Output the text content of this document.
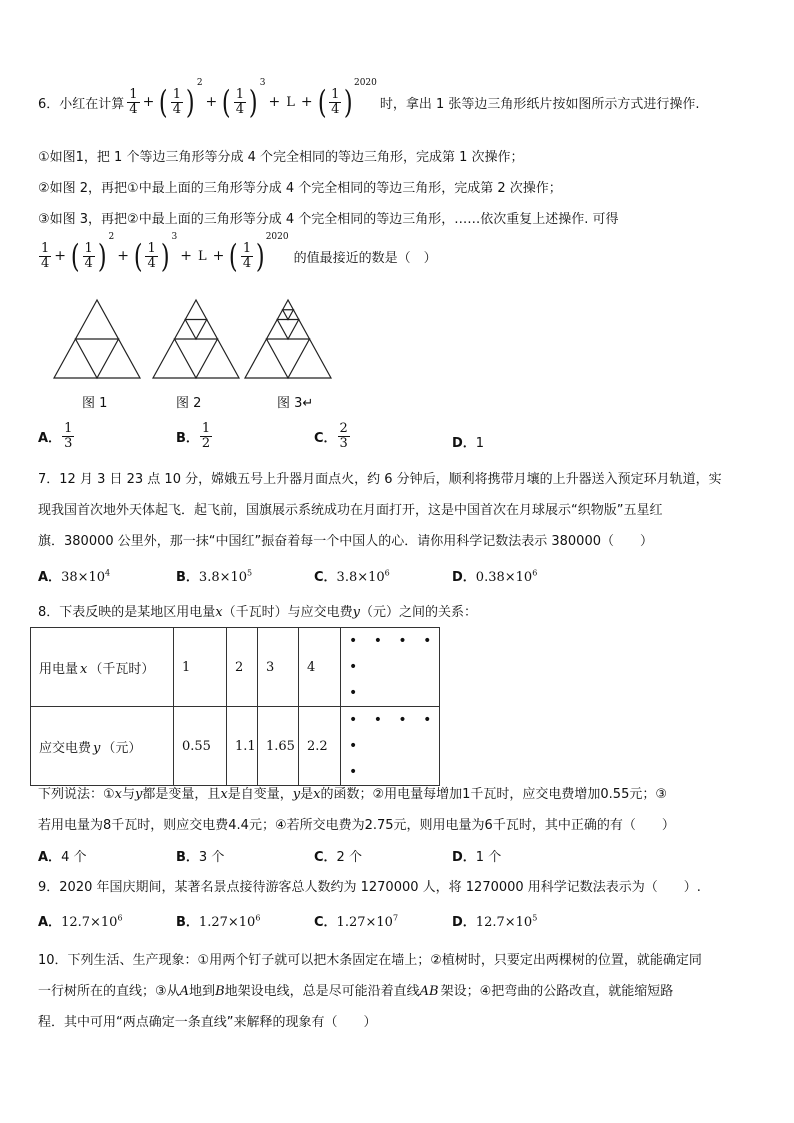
6．小红在计算 $\frac{1}{4}$ + ( $\frac{1}{4} )^2$
+ ( $\frac{1}{4} )^3$
+ L + ( $\frac{1}{4} )^{2020}$
时，拿出 1 张等边三角形纸片按如图所示方式进行操作.
①如图1，把 1 个等边三角形等分成 4 个完全相同的等边三角形，完成第 1 次操作；
②如图 2，再把①中最上面的三角形等分成 4 个完全相同的等边三角形，完成第 2 次操作；
③如图 3，再把②中最上面的三角形等分成 4 个完全相同的等边三角形，……依次重复上述操作. 可得
$\frac{1}{4}$ + ( $\frac{1}{4} )^2$
+ ( $\frac{1}{4} )^3$
+ L + ( $\frac{1}{4} )^{2020}$
的值最接近的数是（　）
图 1	图 2	图 3↵
A． $\frac{1}{3}$	B． $\frac{1}{2}$	C． $\frac{2}{3}$	D．1
7．12 月 3 日 23 点 10 分，嫦娥五号上升器月面点火，约 6 分钟后，顺利将携带月壤的上升器送入预定环月轨道，实
现我国首次地外天体起飞．起飞前，国旗展示系统成功在月面打开，这是中国首次在月球展示“织物版”五星红
旗．380000 公里外，那一抹“中国红”振奋着每一个中国人的心．请你用科学记数法表示 380000（　　）
A．$38\times 10^4$	B．$3.8\times 10^5$	C．$3.8\times 10^6$	D．$0.38\times 10^6$
8．下表反映的是某地区用电量x（千瓦时）与应交电费y（元）之间的关系：
用电量 x （千瓦时）	1	2	3	4	• • • • •
•

应交电费 y （元）	0.55	1.1	1.65	2.2	• • • • •
•
下列说法：①x与y都是变量，且x是自变量，y是x的函数；②用电量每增加1千瓦时，应交电费增加0.55元；③
若用电量为8千瓦时，则应交电费4.4元；④若所交电费为2.75元，则用电量为6千瓦时，其中正确的有（　　）
A．4 个	B．3 个	C．2 个	D．1 个
9．2020 年国庆期间，某著名景点接待游客总人数约为 1270000 人，将 1270000 用科学记数法表示为（　　）.
A．$12.7\times 10^6$	B．$1.27\times 10^6$	C．$1.27\times 10^7$	D．$12.7\times 10^5$
10．下列生活、生产现象：①用两个钉子就可以把木条固定在墙上；②植树时，只要定出两棵树的位置，就能确定同
一行树所在的直线；③从A地到B地架设电线，总是尽可能沿着直线AB 架设；④把弯曲的公路改直，就能缩短路
程．其中可用“两点确定一条直线”来解释的现象有（　　）
